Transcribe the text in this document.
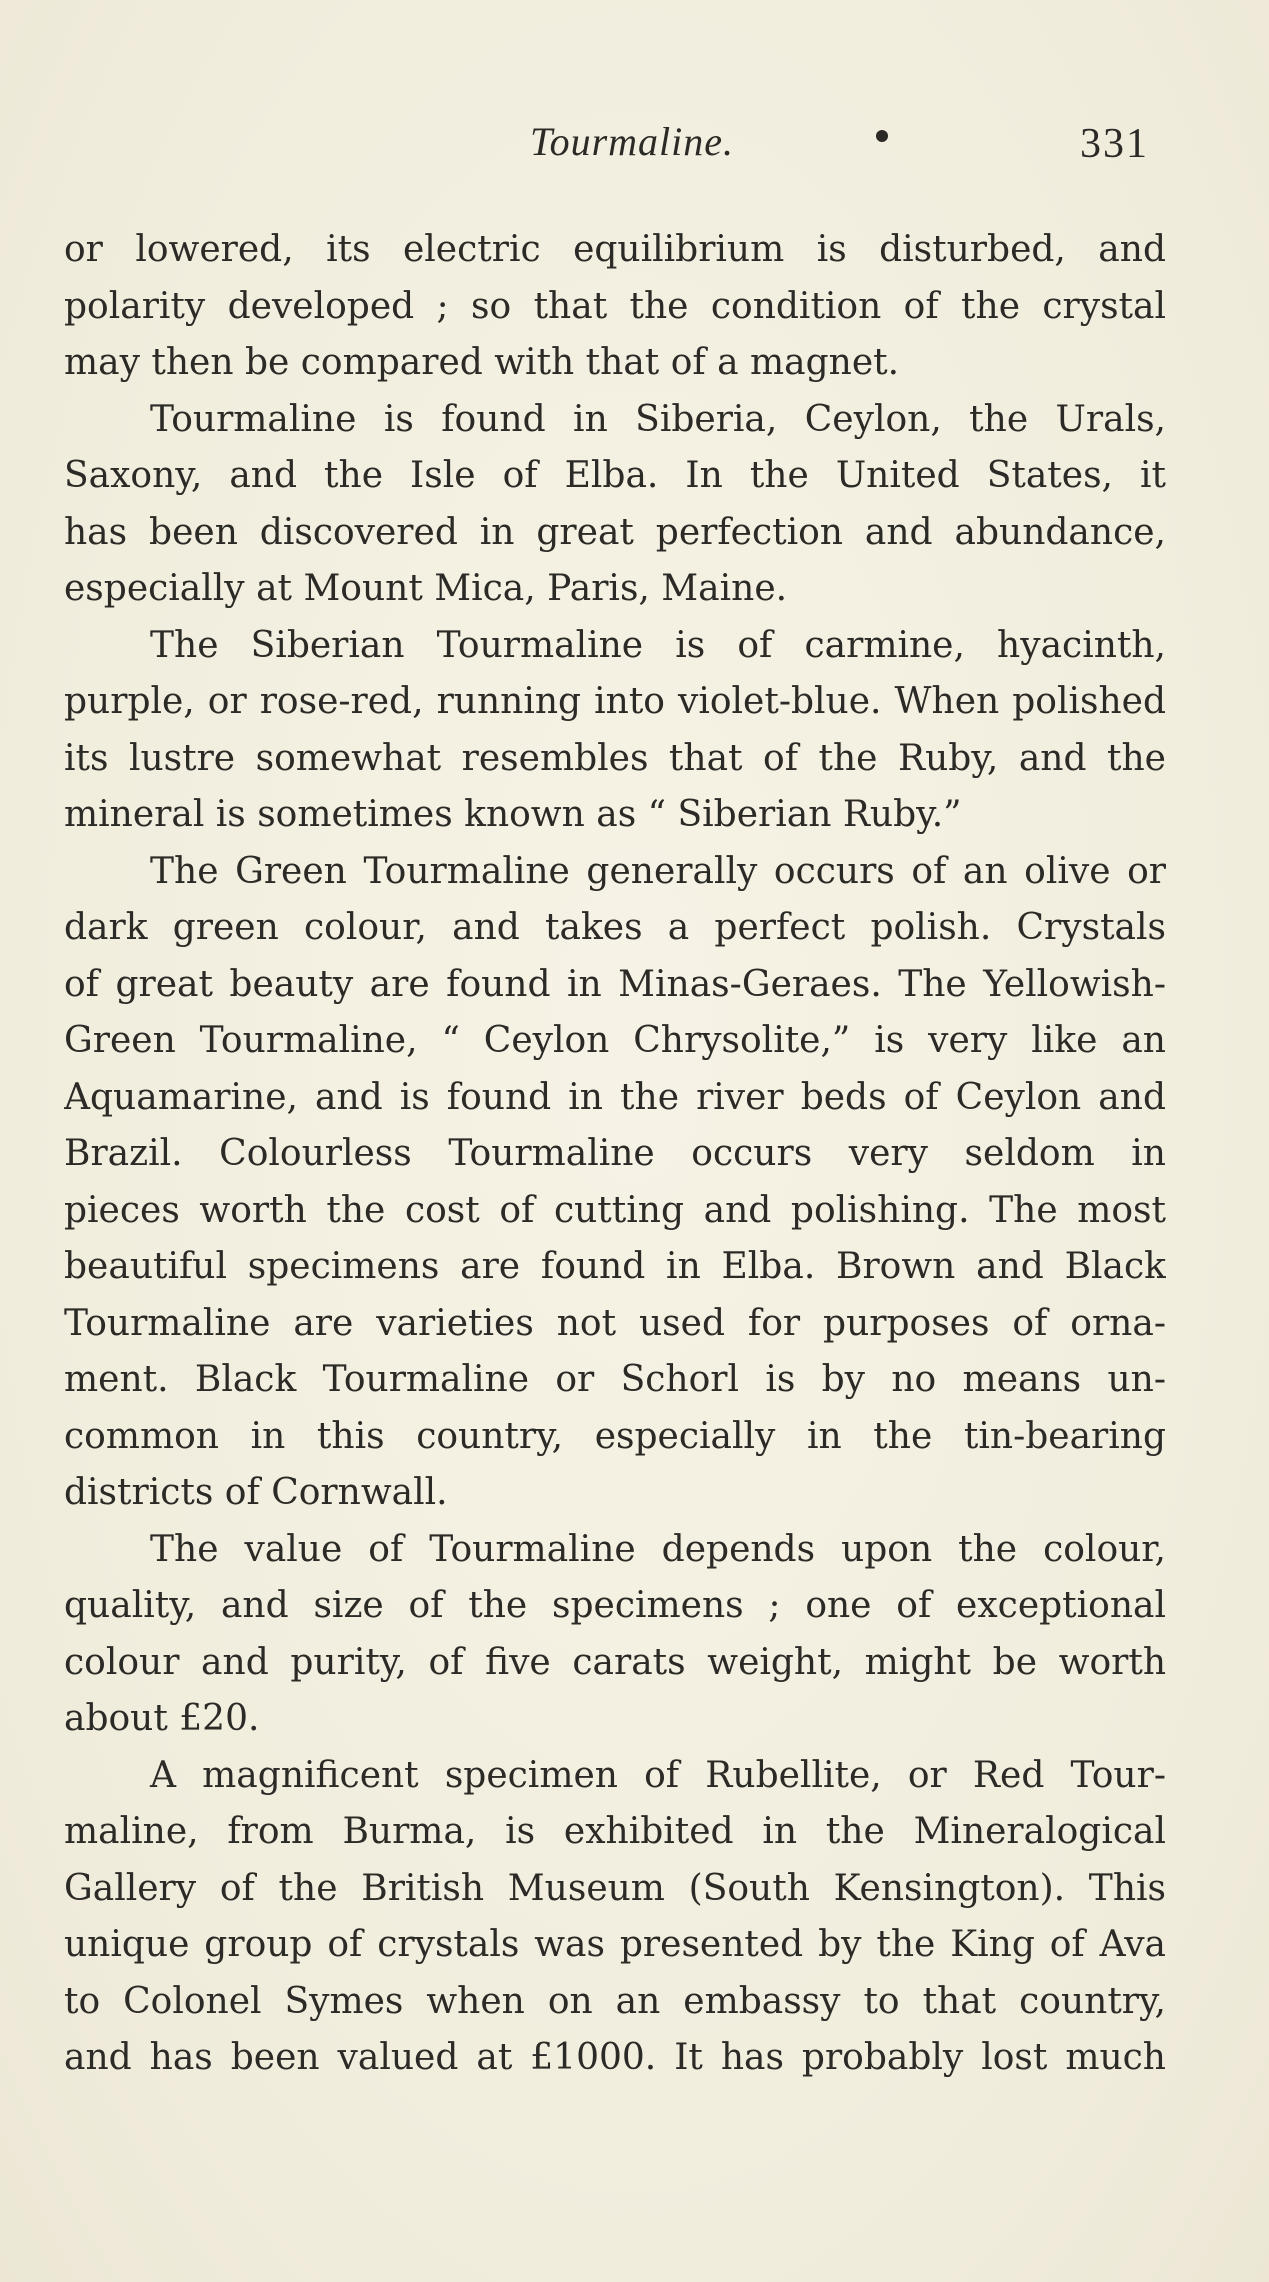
Tourmaline.	331
or lowered, its electric equilibrium is disturbed, and
polarity developed ; so that the condition of the crystal
may then be compared with that of a magnet.
Tourmaline is found in Siberia, Ceylon, the Urals,
Saxony, and the Isle of Elba. In the United States, it
has been discovered in great perfection and abundance,
especially at Mount Mica, Paris, Maine.
The Siberian Tourmaline is of carmine, hyacinth,
purple, or rose-red, running into violet-blue. When polished
its lustre somewhat resembles that of the Ruby, and the
mineral is sometimes known as “ Siberian Ruby.”
The Green Tourmaline generally occurs of an olive or
dark green colour, and takes a perfect polish. Crystals
of great beauty are found in Minas-Geraes. The Yellowish-
Green Tourmaline, “ Ceylon Chrysolite,” is very like an
Aquamarine, and is found in the river beds of Ceylon and
Brazil. Colourless Tourmaline occurs very seldom in
pieces worth the cost of cutting and polishing. The most
beautiful specimens are found in Elba. Brown and Black
Tourmaline are varieties not used for purposes of orna-
ment. Black Tourmaline or Schorl is by no means un-
common in this country, especially in the tin-bearing
districts of Cornwall.
The value of Tourmaline depends upon the colour,
quality, and size of the specimens ; one of exceptional
colour and purity, of five carats weight, might be worth
about £20.
A magnificent specimen of Rubellite, or Red Tour-
maline, from Burma, is exhibited in the Mineralogical
Gallery of the British Museum (South Kensington). This
unique group of crystals was presented by the King of Ava
to Colonel Symes when on an embassy to that country,
and has been valued at £1000. It has probably lost much
